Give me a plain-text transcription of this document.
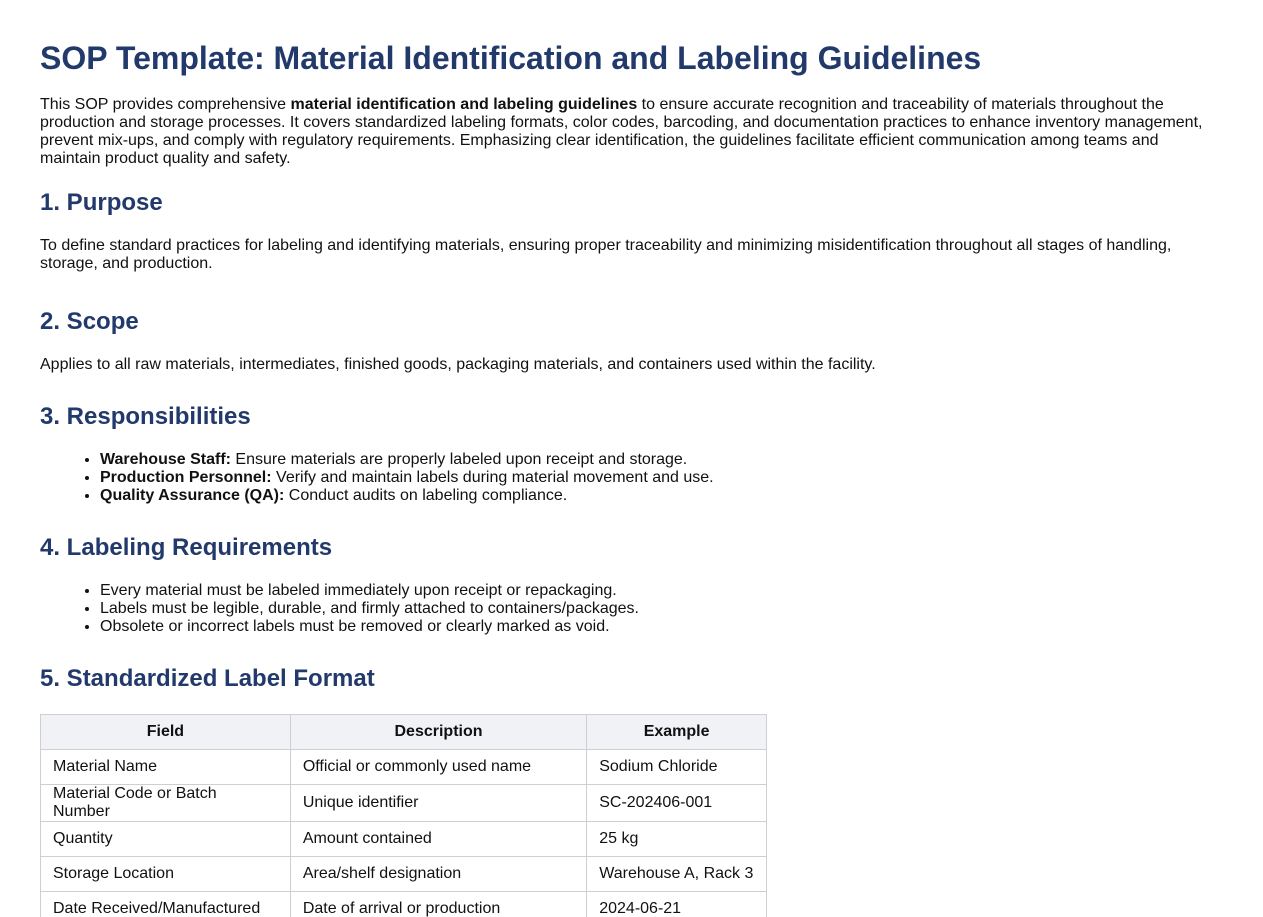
SOP Template: Material Identification and Labeling Guidelines

This SOP provides comprehensive material identification and labeling guidelines to ensure accurate recognition and traceability of materials throughout the production and storage processes. It covers standardized labeling formats, color codes, barcoding, and documentation practices to enhance inventory management, prevent mix-ups, and comply with regulatory requirements. Emphasizing clear identification, the guidelines facilitate efficient communication among teams and maintain product quality and safety.

1. Purpose

To define standard practices for labeling and identifying materials, ensuring proper traceability and minimizing misidentification throughout all stages of handling, storage, and production.

2. Scope

Applies to all raw materials, intermediates, finished goods, packaging materials, and containers used within the facility.

3. Responsibilities
• Warehouse Staff: Ensure materials are properly labeled upon receipt and storage.
• Production Personnel: Verify and maintain labels during material movement and use.
• Quality Assurance (QA): Conduct audits on labeling compliance.
4. Labeling Requirements
• Every material must be labeled immediately upon receipt or repackaging.
• Labels must be legible, durable, and firmly attached to containers/packages.
• Obsolete or incorrect labels must be removed or clearly marked as void.
5. Standardized Label Format
Field	Description	Example
Material Name	Official or commonly used name	Sodium Chloride
Material Code or Batch Number	Unique identifier	SC-202406-001
Quantity	Amount contained	25 kg
Storage Location	Area/shelf designation	Warehouse A, Rack 3
Date Received/Manufactured	Date of arrival or production	2024-06-21
